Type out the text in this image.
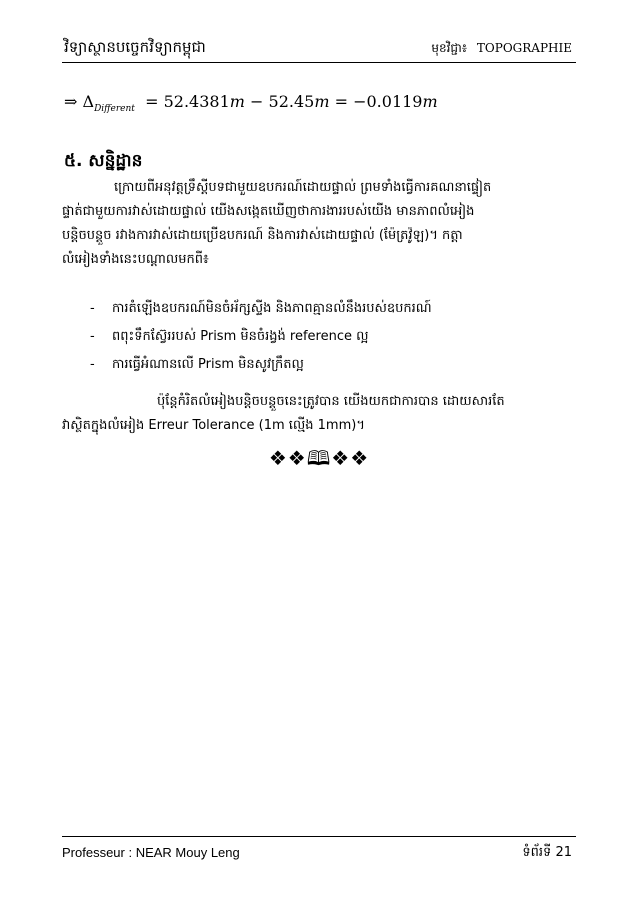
វិទ្យាស្ថានបច្ចេកវិទ្យាកម្ពុជា	មុខវិជ្ជា៖ TOPOGRAPHIE
⇒ $\Delta_{Different} = 52.4381m - 52.45m = -0.0119m$
៥. សន្និដ្ឋាន
ក្រោយពីអនុវត្តទ្រឹស្តីបទជាមួយឧបករណ៍ដោយផ្ទាល់ ព្រមទាំងធ្វើការគណនាផ្ទៀត
ផ្ទាត់ជាមួយការវាស់ដោយផ្ទាល់ យើងសង្កេតឃើញថាការងាររបស់យើង មានភាពលំអៀង
បន្តិចបន្តួច រវាងការវាស់ដោយប្រើឧបករណ៍ និងការវាស់ដោយផ្ទាល់ (ម៉ែត្រវ៉ូឡ)។ កត្តា
លំអៀងទាំងនេះបណ្តាលមកពី៖
- ការតំឡើងឧបករណ៍មិនចំអ័ក្សស្ទីង និងភាពគ្មានលំនឹងរបស់ឧបករណ៍
- ពពុះទឹកស្វ៊ែររបស់ Prism មិនចំរង្វង់ reference ល្អ
- ការធ្វើអំណានលើ Prism មិនសូវក្រឹតល្អ
ប៉ុន្តែកំរិតលំអៀងបន្តិចបន្តួចនេះត្រូវបាន យើងយកជាការបាន ដោយសារតែ
វាស្ថិតក្នុងលំអៀង Erreur Tolerance (1m ល្មើង 1mm)។
❖❖🕮❖❖
Professeur : NEAR Mouy Leng	ទំព័រទី 21
